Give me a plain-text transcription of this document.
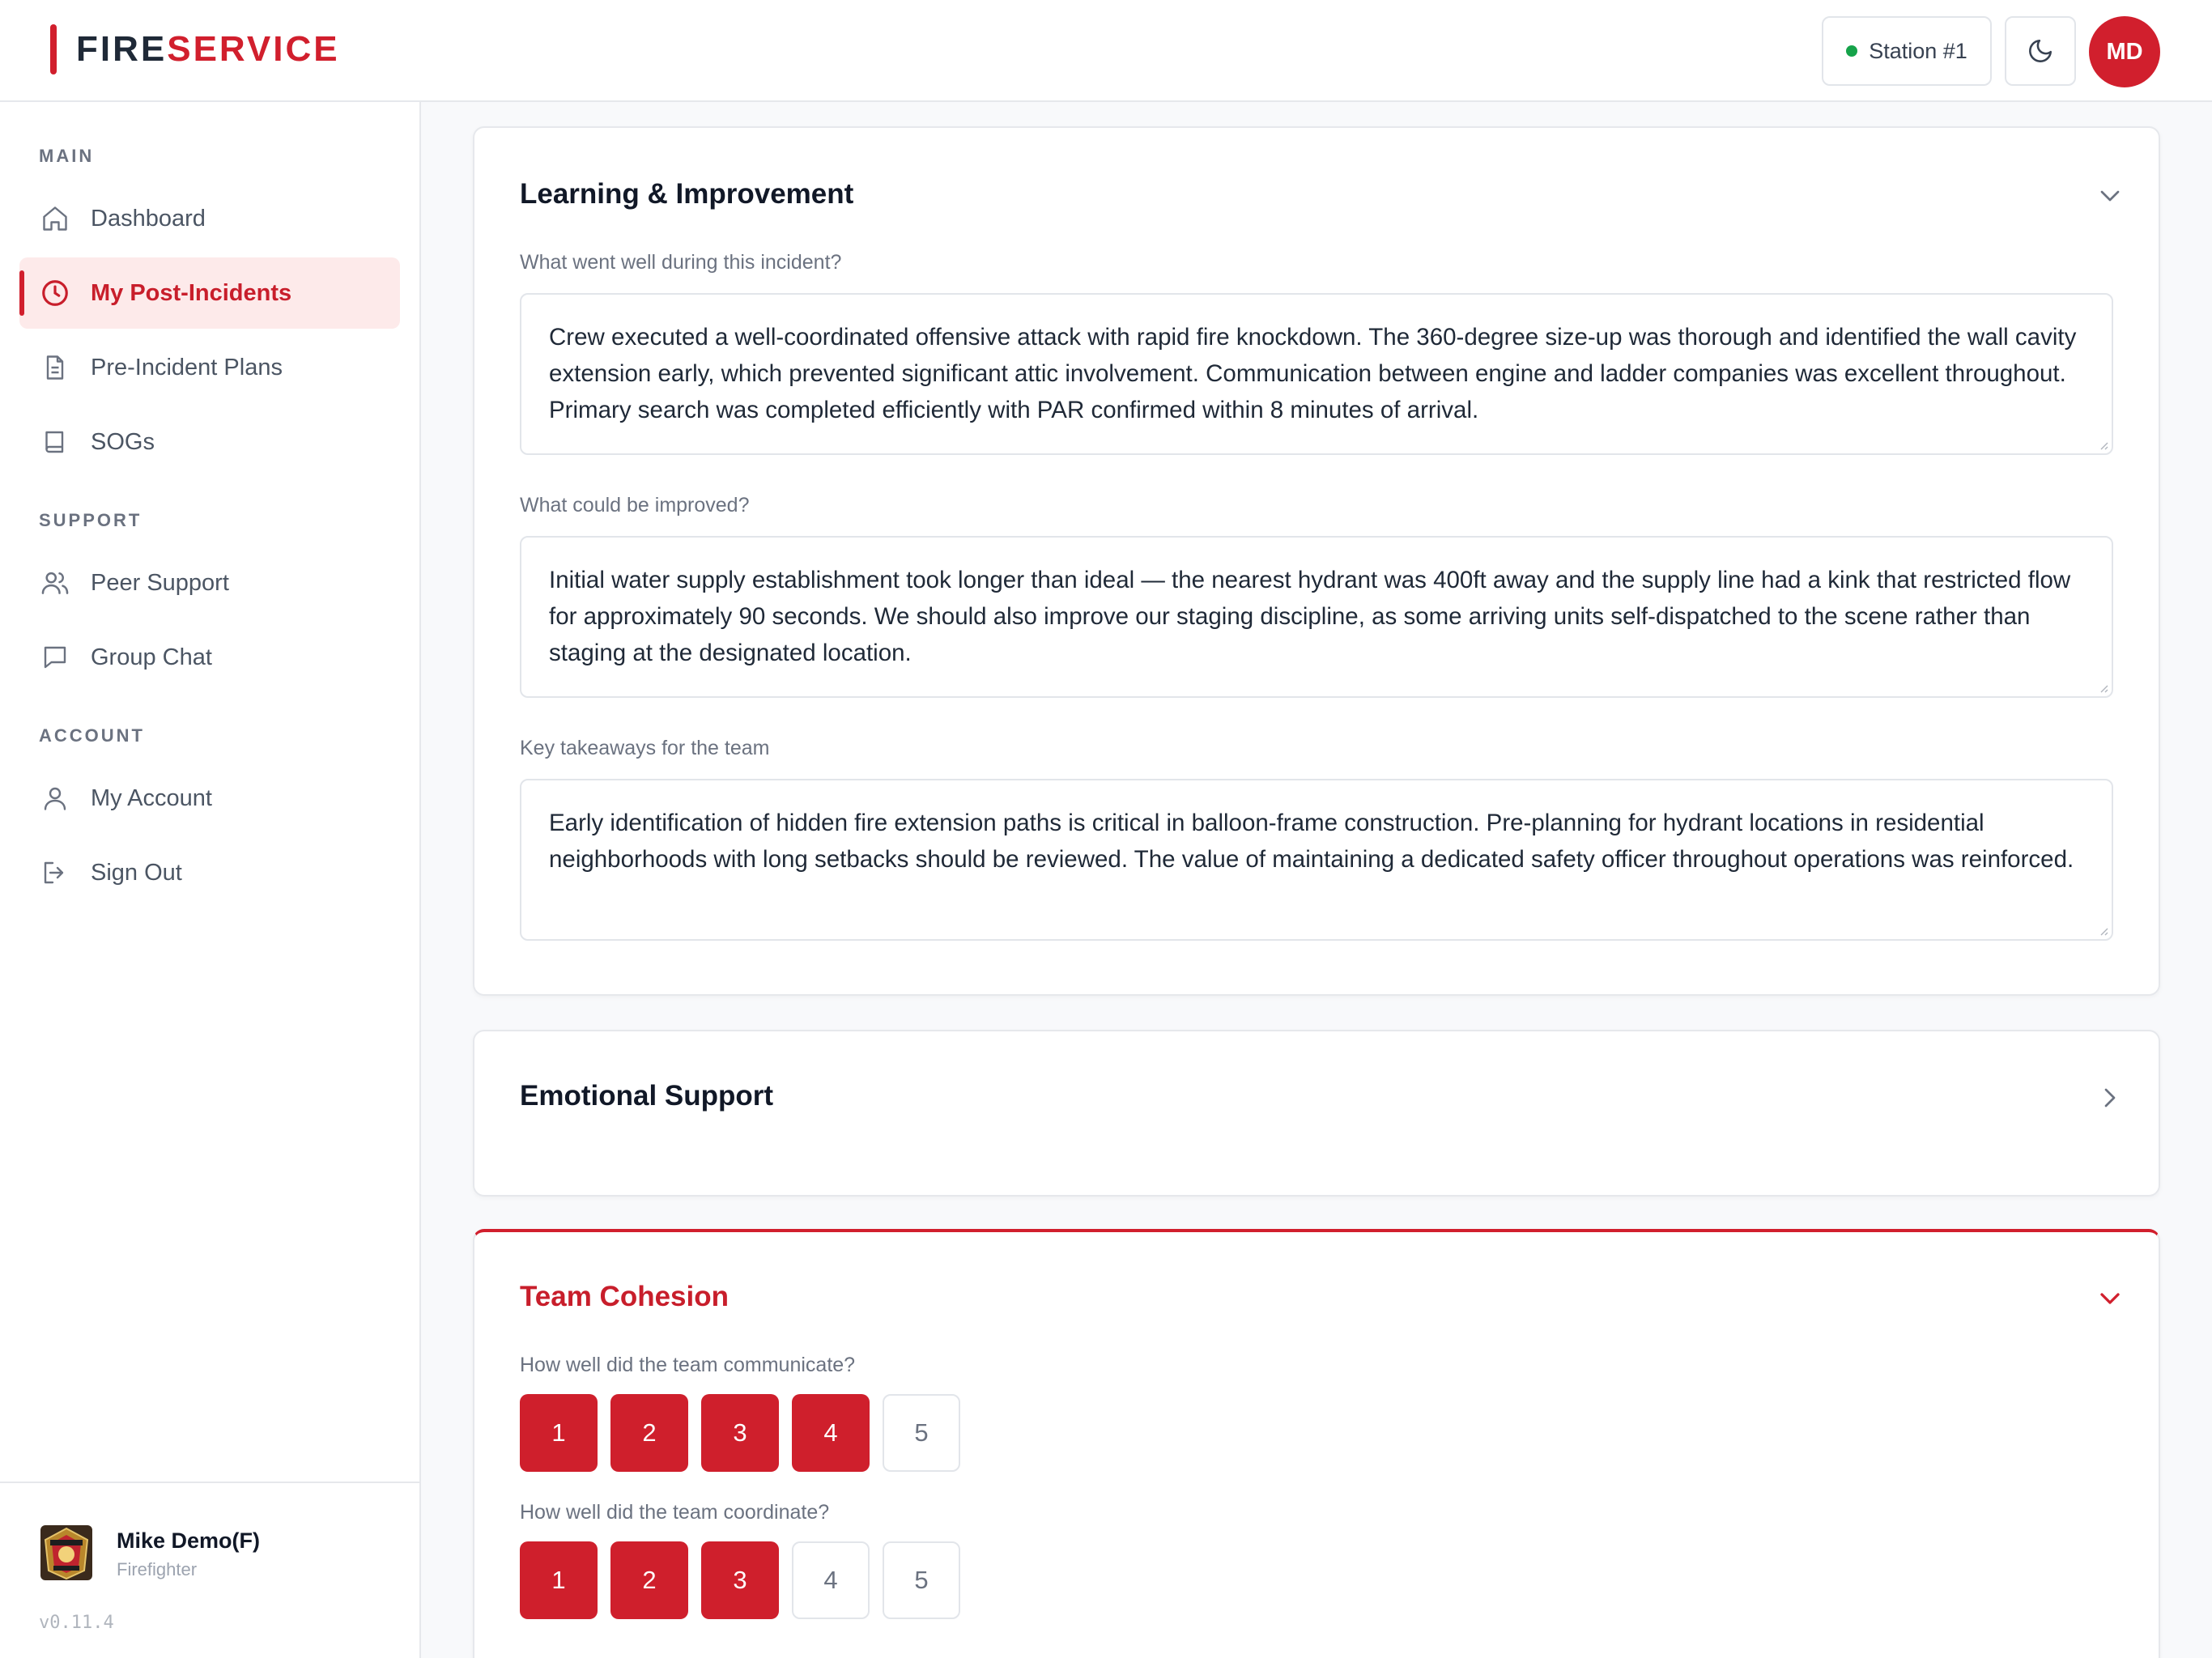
FIRESERVICE	Station #1	MD
MAIN
Dashboard
My Post-Incidents
Pre-Incident Plans
SOGs
SUPPORT
Peer Support
Group Chat
ACCOUNT
My Account
Sign Out
Mike Demo(F)
Firefighter
v0.11.4
Learning & Improvement
What went well during this incident?
Crew executed a well-coordinated offensive attack with rapid fire knockdown. The 360-degree size-up was thorough and identified the wall cavity extension early, which prevented significant attic involvement. Communication between engine and ladder companies was excellent throughout. Primary search was completed efficiently with PAR confirmed within 8 minutes of arrival.
What could be improved?
Initial water supply establishment took longer than ideal — the nearest hydrant was 400ft away and the supply line had a kink that restricted flow for approximately 90 seconds. We should also improve our staging discipline, as some arriving units self-dispatched to the scene rather than staging at the designated location.
Key takeaways for the team
Early identification of hidden fire extension paths is critical in balloon-frame construction. Pre-planning for hydrant locations in residential neighborhoods with long setbacks should be reviewed. The value of maintaining a dedicated safety officer throughout operations was reinforced.
Emotional Support
Team Cohesion
How well did the team communicate?
1	2	3	4	5
How well did the team coordinate?
1	2	3	4	5
